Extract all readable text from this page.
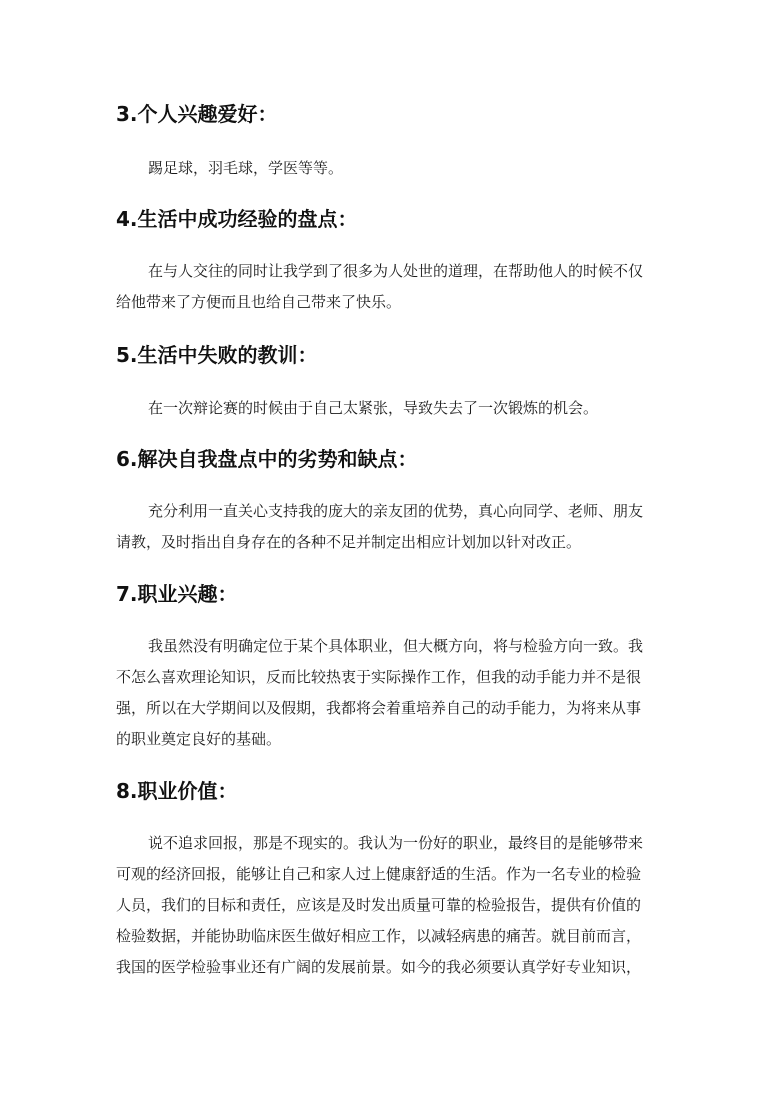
3.个人兴趣爱好：
踢足球，羽毛球，学医等等。
4.生活中成功经验的盘点：
在与人交往的同时让我学到了很多为人处世的道理，在帮助他人的时候不仅
给他带来了方便而且也给自己带来了快乐。
5.生活中失败的教训：
在一次辩论赛的时候由于自己太紧张，导致失去了一次锻炼的机会。
6.解决自我盘点中的劣势和缺点：
充分利用一直关心支持我的庞大的亲友团的优势，真心向同学、老师、朋友
请教，及时指出自身存在的各种不足并制定出相应计划加以针对改正。
7.职业兴趣：
我虽然没有明确定位于某个具体职业，但大概方向，将与检验方向一致。我
不怎么喜欢理论知识，反而比较热衷于实际操作工作，但我的动手能力并不是很
强，所以在大学期间以及假期，我都将会着重培养自己的动手能力，为将来从事
的职业奠定良好的基础。
8.职业价值：
说不追求回报，那是不现实的。我认为一份好的职业，最终目的是能够带来
可观的经济回报，能够让自己和家人过上健康舒适的生活。作为一名专业的检验
人员，我们的目标和责任，应该是及时发出质量可靠的检验报告，提供有价值的
检验数据，并能协助临床医生做好相应工作，以减轻病患的痛苦。就目前而言，
我国的医学检验事业还有广阔的发展前景。如今的我必须要认真学好专业知识，
